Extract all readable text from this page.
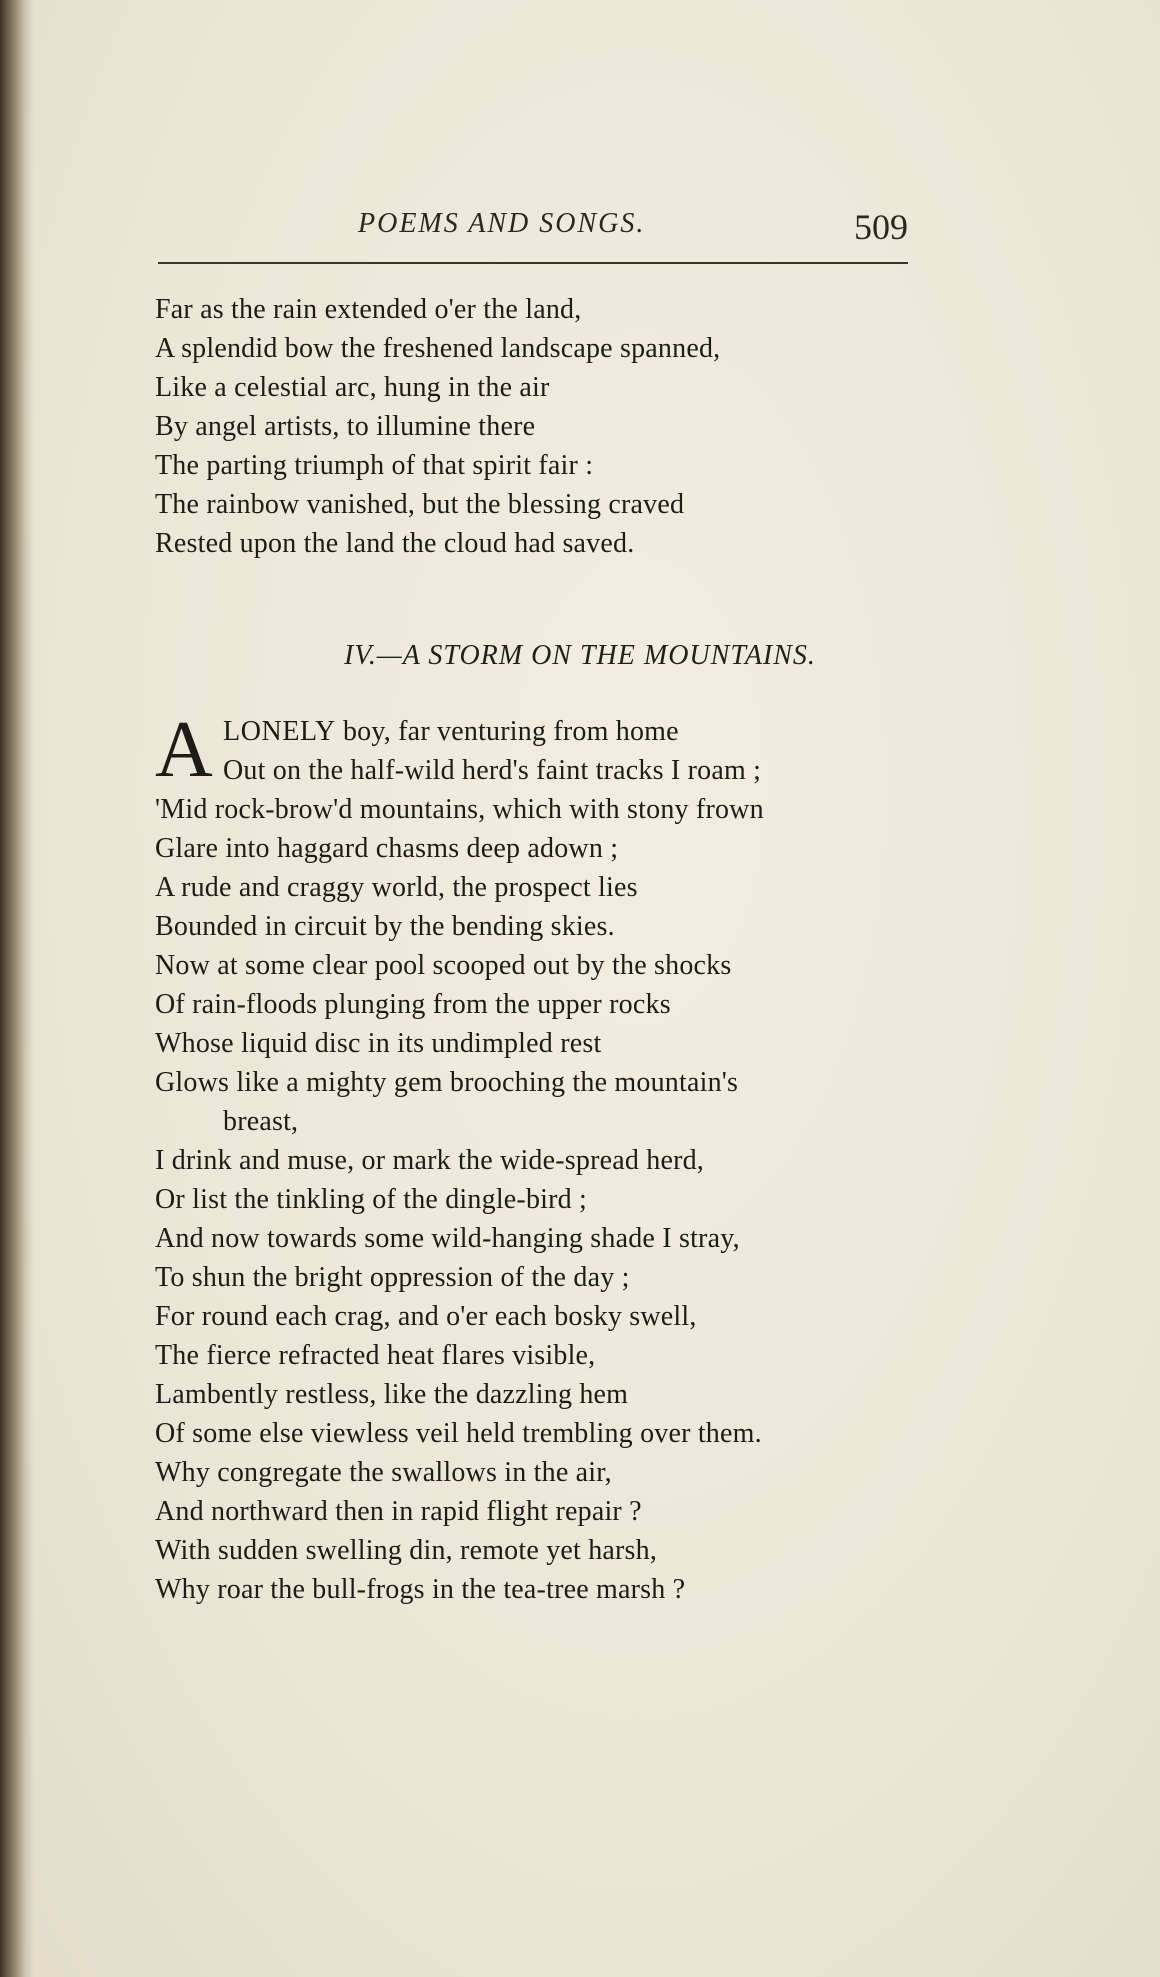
POEMS AND SONGS.	509
Far as the rain extended o'er the land,
A splendid bow the freshened landscape spanned,
Like a celestial arc, hung in the air
By angel artists, to illumine there
The parting triumph of that spirit fair :
The rainbow vanished, but the blessing craved
Rested upon the land the cloud had saved.
IV.—A STORM ON THE MOUNTAINS.
A LONELY boy, far venturing from home
Out on the half-wild herd's faint tracks I roam ;
'Mid rock-brow'd mountains, which with stony frown
Glare into haggard chasms deep adown ;
A rude and craggy world, the prospect lies
Bounded in circuit by the bending skies.
Now at some clear pool scooped out by the shocks
Of rain-floods plunging from the upper rocks
Whose liquid disc in its undimpled rest
Glows like a mighty gem brooching the mountain's
breast,
I drink and muse, or mark the wide-spread herd,
Or list the tinkling of the dingle-bird ;
And now towards some wild-hanging shade I stray,
To shun the bright oppression of the day ;
For round each crag, and o'er each bosky swell,
The fierce refracted heat flares visible,
Lambently restless, like the dazzling hem
Of some else viewless veil held trembling over them.
Why congregate the swallows in the air,
And northward then in rapid flight repair ?
With sudden swelling din, remote yet harsh,
Why roar the bull-frogs in the tea-tree marsh ?
